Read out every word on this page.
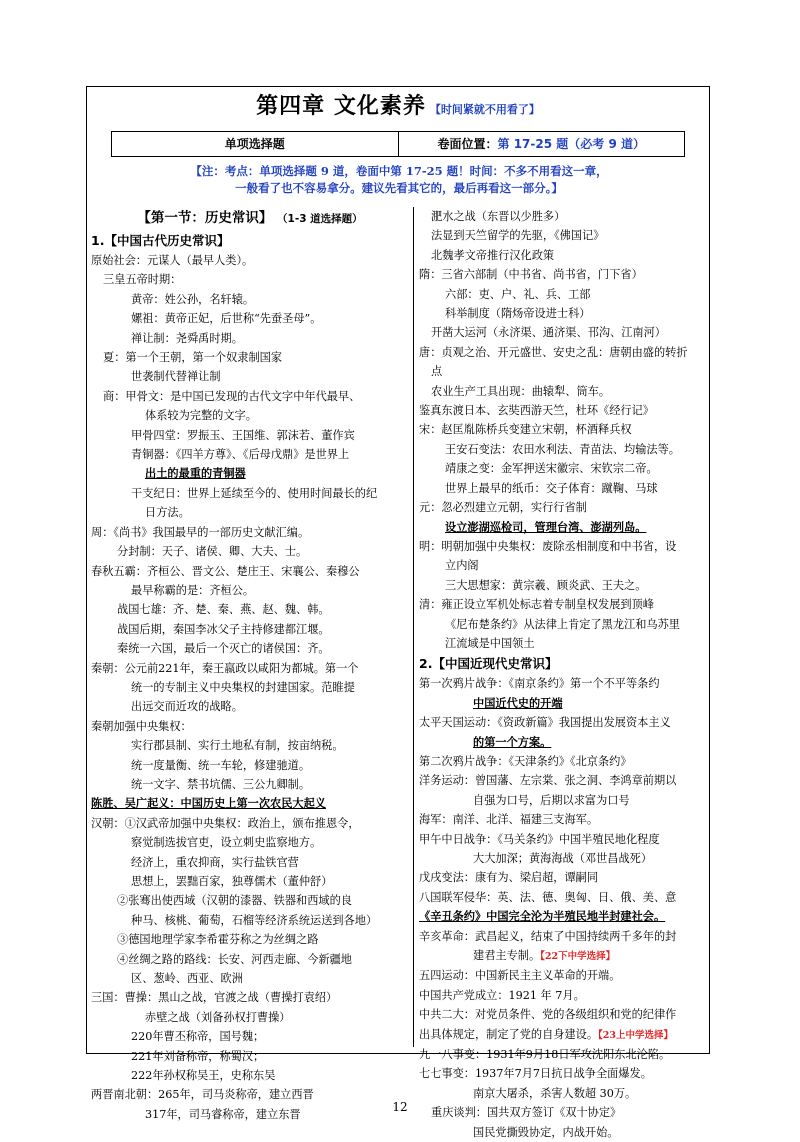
第四章 文化素养 【时间紧就不用看了】
单项选择题	卷面位置：第 17-25 题（必考 9 道）
【注：考点：单项选择题 9 道，卷面中第 17-25 题！时间：不多不用看这一章，
一般看了也不容易拿分。建议先看其它的，最后再看这一部分。】
【第一节：历史常识】 （1-3 道选择题）
1.【中国古代历史常识】
原始社会：元谋人（最早人类）。
三皇五帝时期：
黄帝：姓公孙，名轩辕。
嫘祖：黄帝正妃，后世称“先蚕圣母”。
禅让制：尧舜禹时期。
夏：第一个王朝，第一个奴隶制国家
世袭制代替禅让制
商：甲骨文：是中国已发现的古代文字中年代最早、
体系较为完整的文字。
甲骨四堂：罗振玉、王国维、郭沫若、董作宾
青铜器：《四羊方尊》、《后母戊鼎》是世界上
出土的最重的青铜器
干支纪日：世界上延续至今的、使用时间最长的纪
日方法。
周：《尚书》我国最早的一部历史文献汇编。
分封制：天子、诸侯、卿、大夫、士。
春秋五霸：齐桓公、晋文公、楚庄王、宋襄公、秦穆公
最早称霸的是：齐桓公。
战国七雄：齐、楚、秦、燕、赵、魏、韩。
战国后期，秦国李冰父子主持修建都江堰。
秦统一六国，最后一个灭亡的诸侯国：齐。
秦朝：公元前221年，秦王嬴政以咸阳为都城。第一个
统一的专制主义中央集权的封建国家。范睢提
出远交而近攻的战略。
秦朝加强中央集权：
实行郡县制、实行土地私有制，按亩纳税。
统一度量衡、统一车轮，修建驰道。
统一文字、禁书坑儒、三公九卿制。
陈胜、吴广起义：中国历史上第一次农民大起义
汉朝：①汉武帝加强中央集权：政治上，颁布推恩令，
察觉制选拔官吏，设立刺史监察地方。
经济上，重农抑商，实行盐铁官营
思想上，罢黜百家，独尊儒术（董仲舒）
②张骞出使西域（汉朝的漆器、铁器和西域的良
种马、核桃、葡萄，石榴等经济系统运送到各地）
③德国地理学家李希霍芬称之为丝绸之路
④丝绸之路的路线：长安、河西走廊、今新疆地
区、葱岭、西亚、欧洲
三国：曹操：黑山之战，官渡之战（曹操打袁绍）
赤壁之战（刘备孙权打曹操）
220年曹丕称帝，国号魏；
221年刘备称帝，称蜀汉；
222年孙权称吴王，史称东吴
两晋南北朝：265年，司马炎称帝，建立西晋
317年，司马睿称帝，建立东晋
淝水之战（东晋以少胜多）
法显到天竺留学的先驱，《佛国记》
北魏孝文帝推行汉化政策
隋：三省六部制（中书省、尚书省，门下省）
六部：吏、户、礼、兵、工部
科举制度（隋炀帝设进士科）
开凿大运河（永济渠、通济渠、邗沟、江南河）
唐：贞观之治、开元盛世、安史之乱：唐朝由盛的转折
点
农业生产工具出现：曲辕犁、筒车。
鉴真东渡日本、玄奘西游天竺，杜环《经行记》
宋：赵匡胤陈桥兵变建立宋朝，杯酒释兵权
王安石变法：农田水利法、青苗法、均输法等。
靖康之变：金军押送宋徽宗、宋钦宗二帝。
世界上最早的纸币：交子体育：蹴鞠、马球
元：忽必烈建立元朝，实行行省制
设立澎湖巡检司，管理台湾、澎湖列岛。
明：明朝加强中央集权：废除丞相制度和中书省，设
立内阁
三大思想家：黄宗羲、顾炎武、王夫之。
清：雍正设立军机处标志着专制皇权发展到顶峰
《尼布楚条约》从法律上肯定了黑龙江和乌苏里
江流域是中国领土
2.【中国近现代史常识】
第一次鸦片战争：《南京条约》第一个不平等条约
中国近代史的开端
太平天国运动：《资政新篇》我国提出发展资本主义
的第一个方案。
第二次鸦片战争：《天津条约》《北京条约》
洋务运动：曾国藩、左宗棠、张之洞、李鸿章前期以
自强为口号，后期以求富为口号
海军：南洋、北洋、福建三支海军。
甲午中日战争：《马关条约》中国半殖民地化程度
大大加深；黄海海战（邓世昌战死）
戊戌变法：康有为、梁启超，谭嗣同
八国联军侵华：英、法、德、奥匈、日、俄、美、意
《辛丑条约》中国完全沦为半殖民地半封建社会。
辛亥革命：武昌起义，结束了中国持续两千多年的封
建君主专制。【22下中学选择】
五四运动：中国新民主主义革命的开端。
中国共产党成立：1921 年 7月。
中共二大：对党员条件、党的各级组织和党的纪律作
出具体规定，制定了党的自身建设。【23上中学选择】
九一八事变：1931年9月18日军攻沈阳东北沦陷。
七七事变：1937年7月7日抗日战争全面爆发。
南京大屠杀，杀害人数超 30万。
重庆谈判：国共双方签订《双十协定》
国民党撕毁协定，内战开始。
12
